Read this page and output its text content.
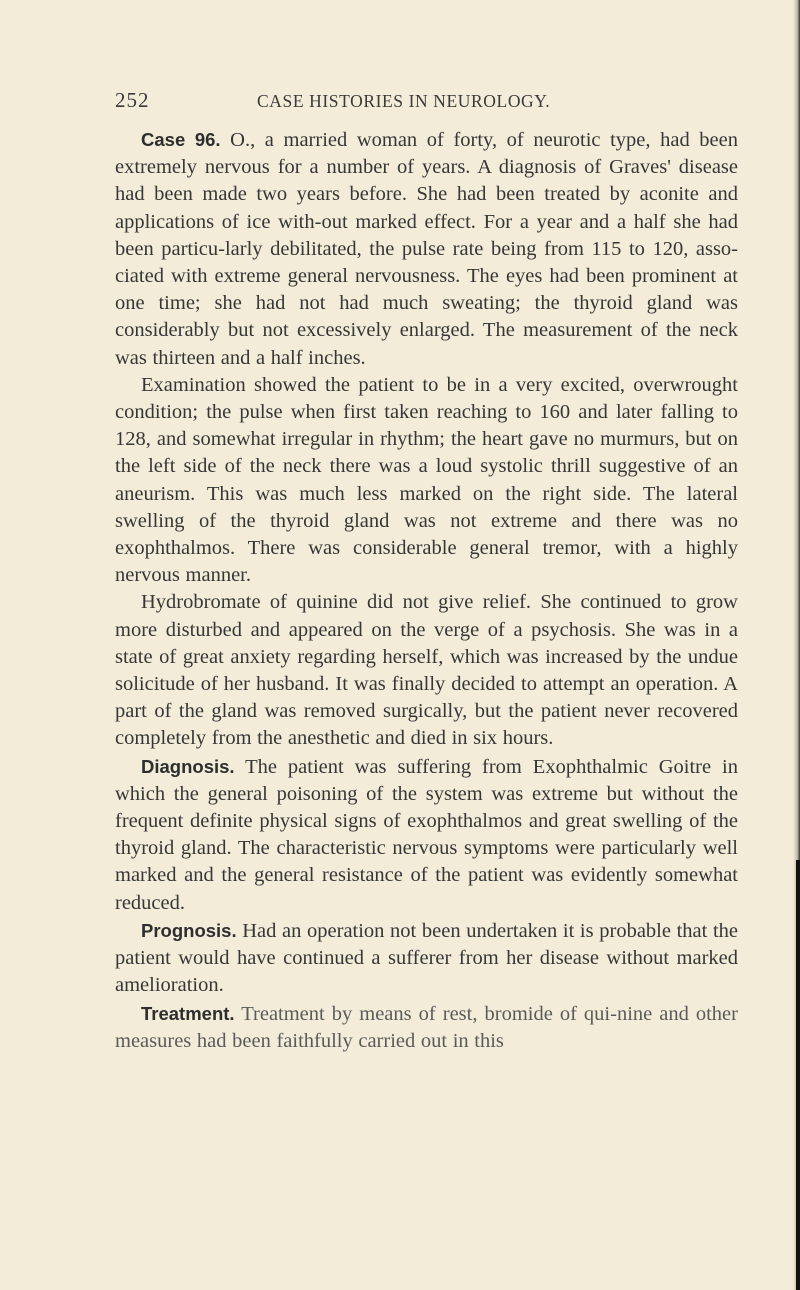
252	CASE HISTORIES IN NEUROLOGY.

Case 96. O., a married woman of forty, of neurotic type, had been extremely nervous for a number of years. A diagnosis of Graves' disease had been made two years before. She had been treated by aconite and applications of ice with-out marked effect. For a year and a half she had been particu-larly debilitated, the pulse rate being from 115 to 120, asso-ciated with extreme general nervousness. The eyes had been prominent at one time; she had not had much sweating; the thyroid gland was considerably but not excessively enlarged. The measurement of the neck was thirteen and a half inches.

Examination showed the patient to be in a very excited, overwrought condition; the pulse when first taken reaching to 160 and later falling to 128, and somewhat irregular in rhythm; the heart gave no murmurs, but on the left side of the neck there was a loud systolic thrill suggestive of an aneurism. This was much less marked on the right side. The lateral swelling of the thyroid gland was not extreme and there was no exophthalmos. There was considerable general tremor, with a highly nervous manner.

Hydrobromate of quinine did not give relief. She continued to grow more disturbed and appeared on the verge of a psychosis. She was in a state of great anxiety regarding herself, which was increased by the undue solicitude of her husband. It was finally decided to attempt an operation. A part of the gland was removed surgically, but the patient never recovered completely from the anesthetic and died in six hours.

Diagnosis. The patient was suffering from Exophthalmic Goitre in which the general poisoning of the system was extreme but without the frequent definite physical signs of exophthalmos and great swelling of the thyroid gland. The characteristic nervous symptoms were particularly well marked and the general resistance of the patient was evidently somewhat reduced.

Prognosis. Had an operation not been undertaken it is probable that the patient would have continued a sufferer from her disease without marked amelioration.

Treatment. Treatment by means of rest, bromide of qui-nine and other measures had been faithfully carried out in this
